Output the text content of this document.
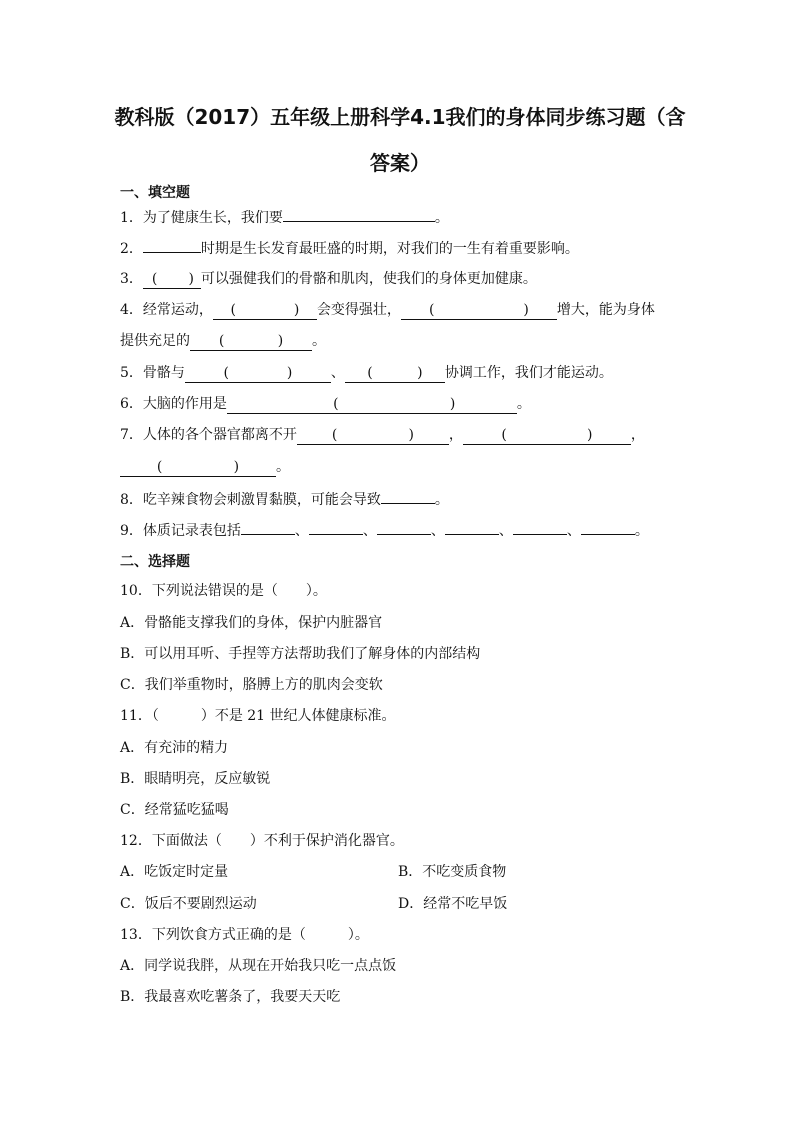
教科版（2017）五年级上册科学4.1我们的身体同步练习题（含
答案）
一、填空题
1．为了健康生长，我们要	。
2．	时期是生长发育最旺盛的时期，对我们的一生有着重要影响。
3． ( ) 可以强健我们的骨骼和肌肉，使我们的身体更加健康。
4．经常运动， (	) 会变得强壮， (	) 增大，能为身体
提供充足的 (	) 。
5．骨骼与	(	)	、 (	) 协调工作，我们才能运动。
6．大脑的作用是	(	)	。
7．人体的各个器官都离不开 (	) ，	(	)	，
(	)	。
8．吃辛辣食物会刺激胃黏膜，可能会导致	。
9．体质记录表包括	、	、	、	、	、	。
二、选择题
10．下列说法错误的是（　　）。
A．骨骼能支撑我们的身体，保护内脏器官
B．可以用耳听、手捏等方法帮助我们了解身体的内部结构
C．我们举重物时，胳膊上方的肌肉会变软
11．（　　　）不是 21 世纪人体健康标准。
A．有充沛的精力
B．眼睛明亮，反应敏锐
C．经常猛吃猛喝
12．下面做法（　　）不利于保护消化器官。
A．吃饭定时定量	B．不吃变质食物
C．饭后不要剧烈运动	D．经常不吃早饭
13．下列饮食方式正确的是（　　　）。
A．同学说我胖，从现在开始我只吃一点点饭
B．我最喜欢吃薯条了，我要天天吃
